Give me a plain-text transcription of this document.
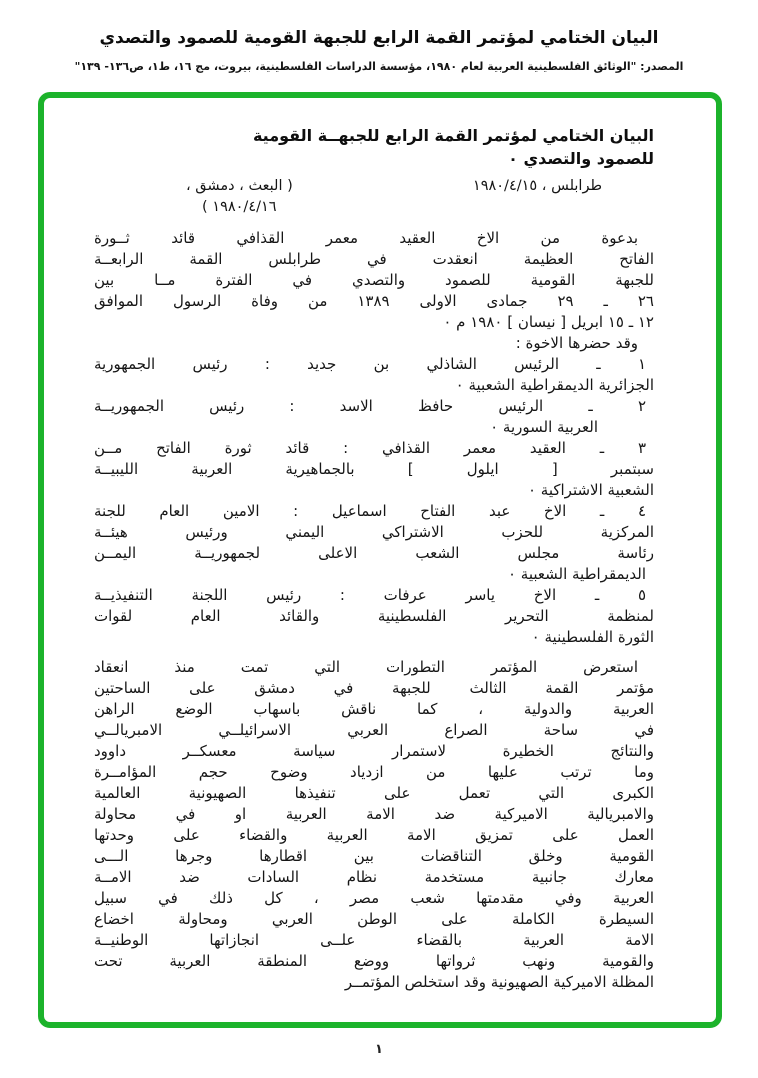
البيان الختامي لمؤتمر القمة الرابع للجبهة القومية للصمود والتصدي
المصدر: "الوثائق الفلسطينية العربية لعام ١٩٨٠، مؤسسة الدراسات الفلسطينية، بيروت، مج ١٦، ط١، ص١٣٦- ١٣٩"
البيان الختامي لمؤتمر القمة الرابع للجبهــة القومية
للصمود والتصدي ٠
( البعث ، دمشق ،	طرابلس ، ١٩٨٠/٤/١٥
١٩٨٠/٤/١٦ )
بدعوة من الاخ العقيد معمر القذافي قائد ثــورة
الفاتح العظيمة انعقدت في طرابلس القمة الرابعــة
للجبهة القومية للصمود والتصدي في الفترة مــا بين
٢٦ ـ ٢٩ جمادى الاولى ١٣٨٩ من وفاة الرسول الموافق
١٢ ـ ١٥ ابريل [ نيسان ] ١٩٨٠ م ٠
وقد حضرها الاخوة :
١ ـ الرئيس الشاذلي بن جديد : رئيس الجمهورية
الجزائرية الديمقراطية الشعبية ٠
٢ ـ الرئيس حافظ الاسد : رئيس الجمهوريــة
العربية السورية ٠
٣ ـ العقيد معمر القذافي : قائد ثورة الفاتح مــن
سبتمبر [ ايلول ] بالجماهيرية العربية الليبيــة
الشعبية الاشتراكية ٠
٤ ـ الاخ عبد الفتاح اسماعيل : الامين العام للجنة
المركزية للحزب الاشتراكي اليمني ورئيس هيئــة
رئاسة مجلس الشعب الاعلى لجمهوريــة اليمــن
الديمقراطية الشعبية ٠
٥ ـ الاخ ياسر عرفات : رئيس اللجنة التنفيذيــة
لمنظمة التحرير الفلسطينية والقائد العام لقوات
الثورة الفلسطينية ٠
استعرض المؤتمر التطورات التي تمت منذ انعقاد
مؤتمر القمة الثالث للجبهة في دمشق على الساحتين
العربية والدولية ، كما ناقش باسهاب الوضع الراهن
في ساحة الصراع العربي الاسرائيلــي الامبريالــي
والنتائج الخطيرة لاستمرار سياسة معسكــر داوود
وما ترتب عليها من ازدياد وضوح حجم المؤامــرة
الكبرى التي تعمل على تنفيذها الصهيونية العالمية
والامبريالية الاميركية ضد الامة العربية او في محاولة
العمل على تمزيق الامة العربية والقضاء على وحدتها
القومية وخلق التناقضات بين اقطارها وجرها الـــى
معارك جانبية مستخدمة نظام السادات ضد الامــة
العربية وفي مقدمتها شعب مصر ، كل ذلك في سبيل
السيطرة الكاملة على الوطن العربي ومحاولة اخضاع
الامة العربية بالقضاء علــى انجازاتها الوطنيــة
والقومية ونهب ثرواتها ووضع المنطقة العربية تحت
المظلة الاميركية الصهيونية وقد استخلص المؤتمــر
١
